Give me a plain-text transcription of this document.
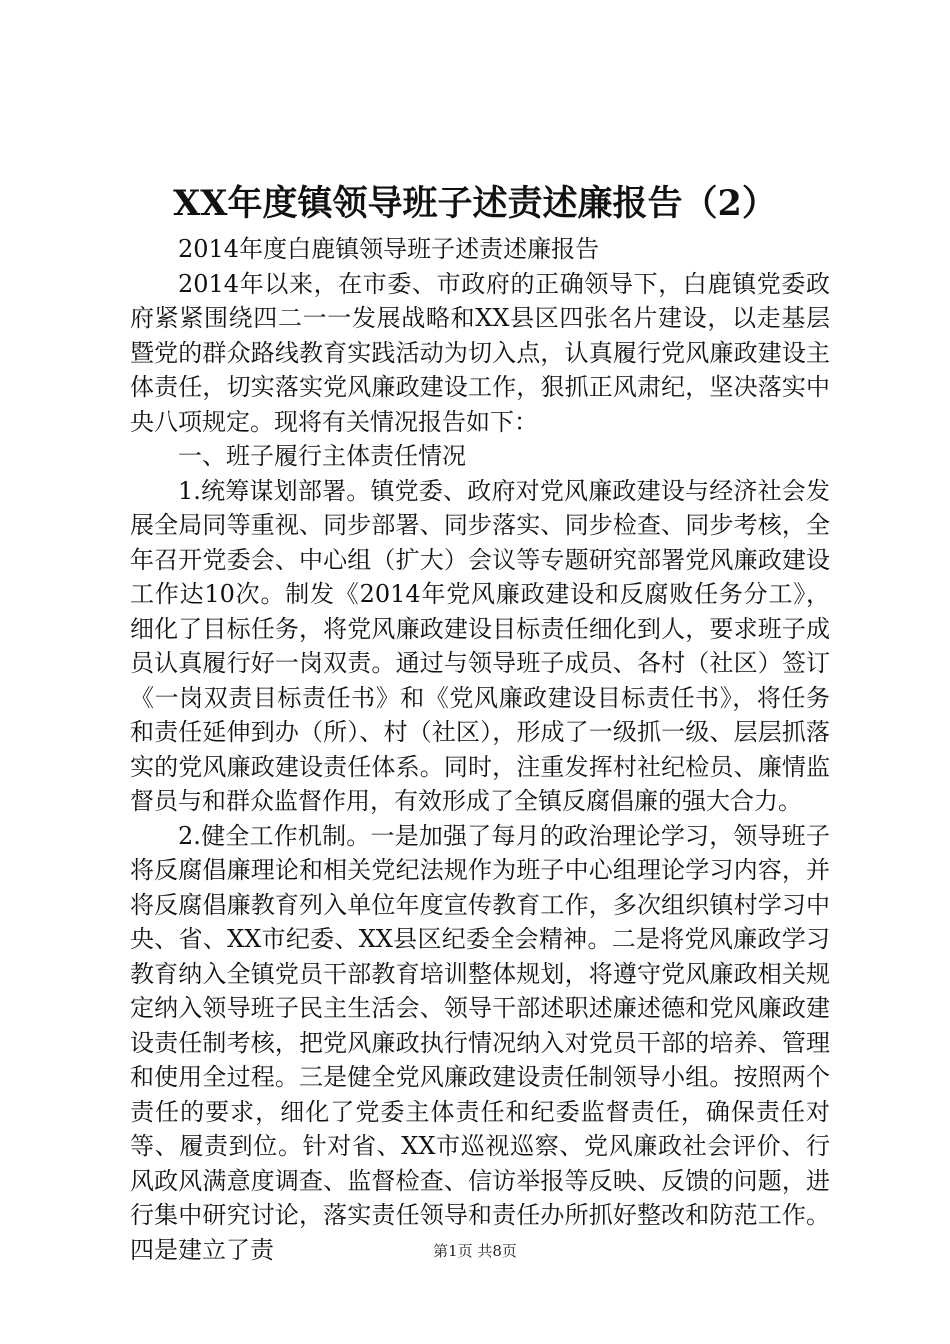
XX年度镇领导班子述责述廉报告（2）

2014年度白鹿镇领导班子述责述廉报告

2014年以来，在市委、市政府的正确领导下，白鹿镇党委政府紧紧围绕四二一一发展战略和XX县区四张名片建设，以走基层暨党的群众路线教育实践活动为切入点，认真履行党风廉政建设主体责任，切实落实党风廉政建设工作，狠抓正风肃纪，坚决落实中央八项规定。现将有关情况报告如下：

一、班子履行主体责任情况

1.统筹谋划部署。镇党委、政府对党风廉政建设与经济社会发展全局同等重视、同步部署、同步落实、同步检查、同步考核，全年召开党委会、中心组（扩大）会议等专题研究部署党风廉政建设工作达10次。制发《2014年党风廉政建设和反腐败任务分工》，细化了目标任务，将党风廉政建设目标责任细化到人，要求班子成员认真履行好一岗双责。通过与领导班子成员、各村（社区）签订《一岗双责目标责任书》和《党风廉政建设目标责任书》，将任务和责任延伸到办（所）、村（社区），形成了一级抓一级、层层抓落实的党风廉政建设责任体系。同时，注重发挥村社纪检员、廉情监督员与和群众监督作用，有效形成了全镇反腐倡廉的强大合力。

2.健全工作机制。一是加强了每月的政治理论学习，领导班子将反腐倡廉理论和相关党纪法规作为班子中心组理论学习内容，并将反腐倡廉教育列入单位年度宣传教育工作，多次组织镇村学习中央、省、XX市纪委、XX县区纪委全会精神。二是将党风廉政学习教育纳入全镇党员干部教育培训整体规划，将遵守党风廉政相关规定纳入领导班子民主生活会、领导干部述职述廉述德和党风廉政建设责任制考核，把党风廉政执行情况纳入对党员干部的培养、管理和使用全过程。三是健全党风廉政建设责任制领导小组。按照两个责任的要求，细化了党委主体责任和纪委监督责任，确保责任对等、履责到位。针对省、XX市巡视巡察、党风廉政社会评价、行风政风满意度调查、监督检查、信访举报等反映、反馈的问题，进行集中研究讨论，落实责任领导和责任办所抓好整改和防范工作。四是建立了责	第1页 共8页
